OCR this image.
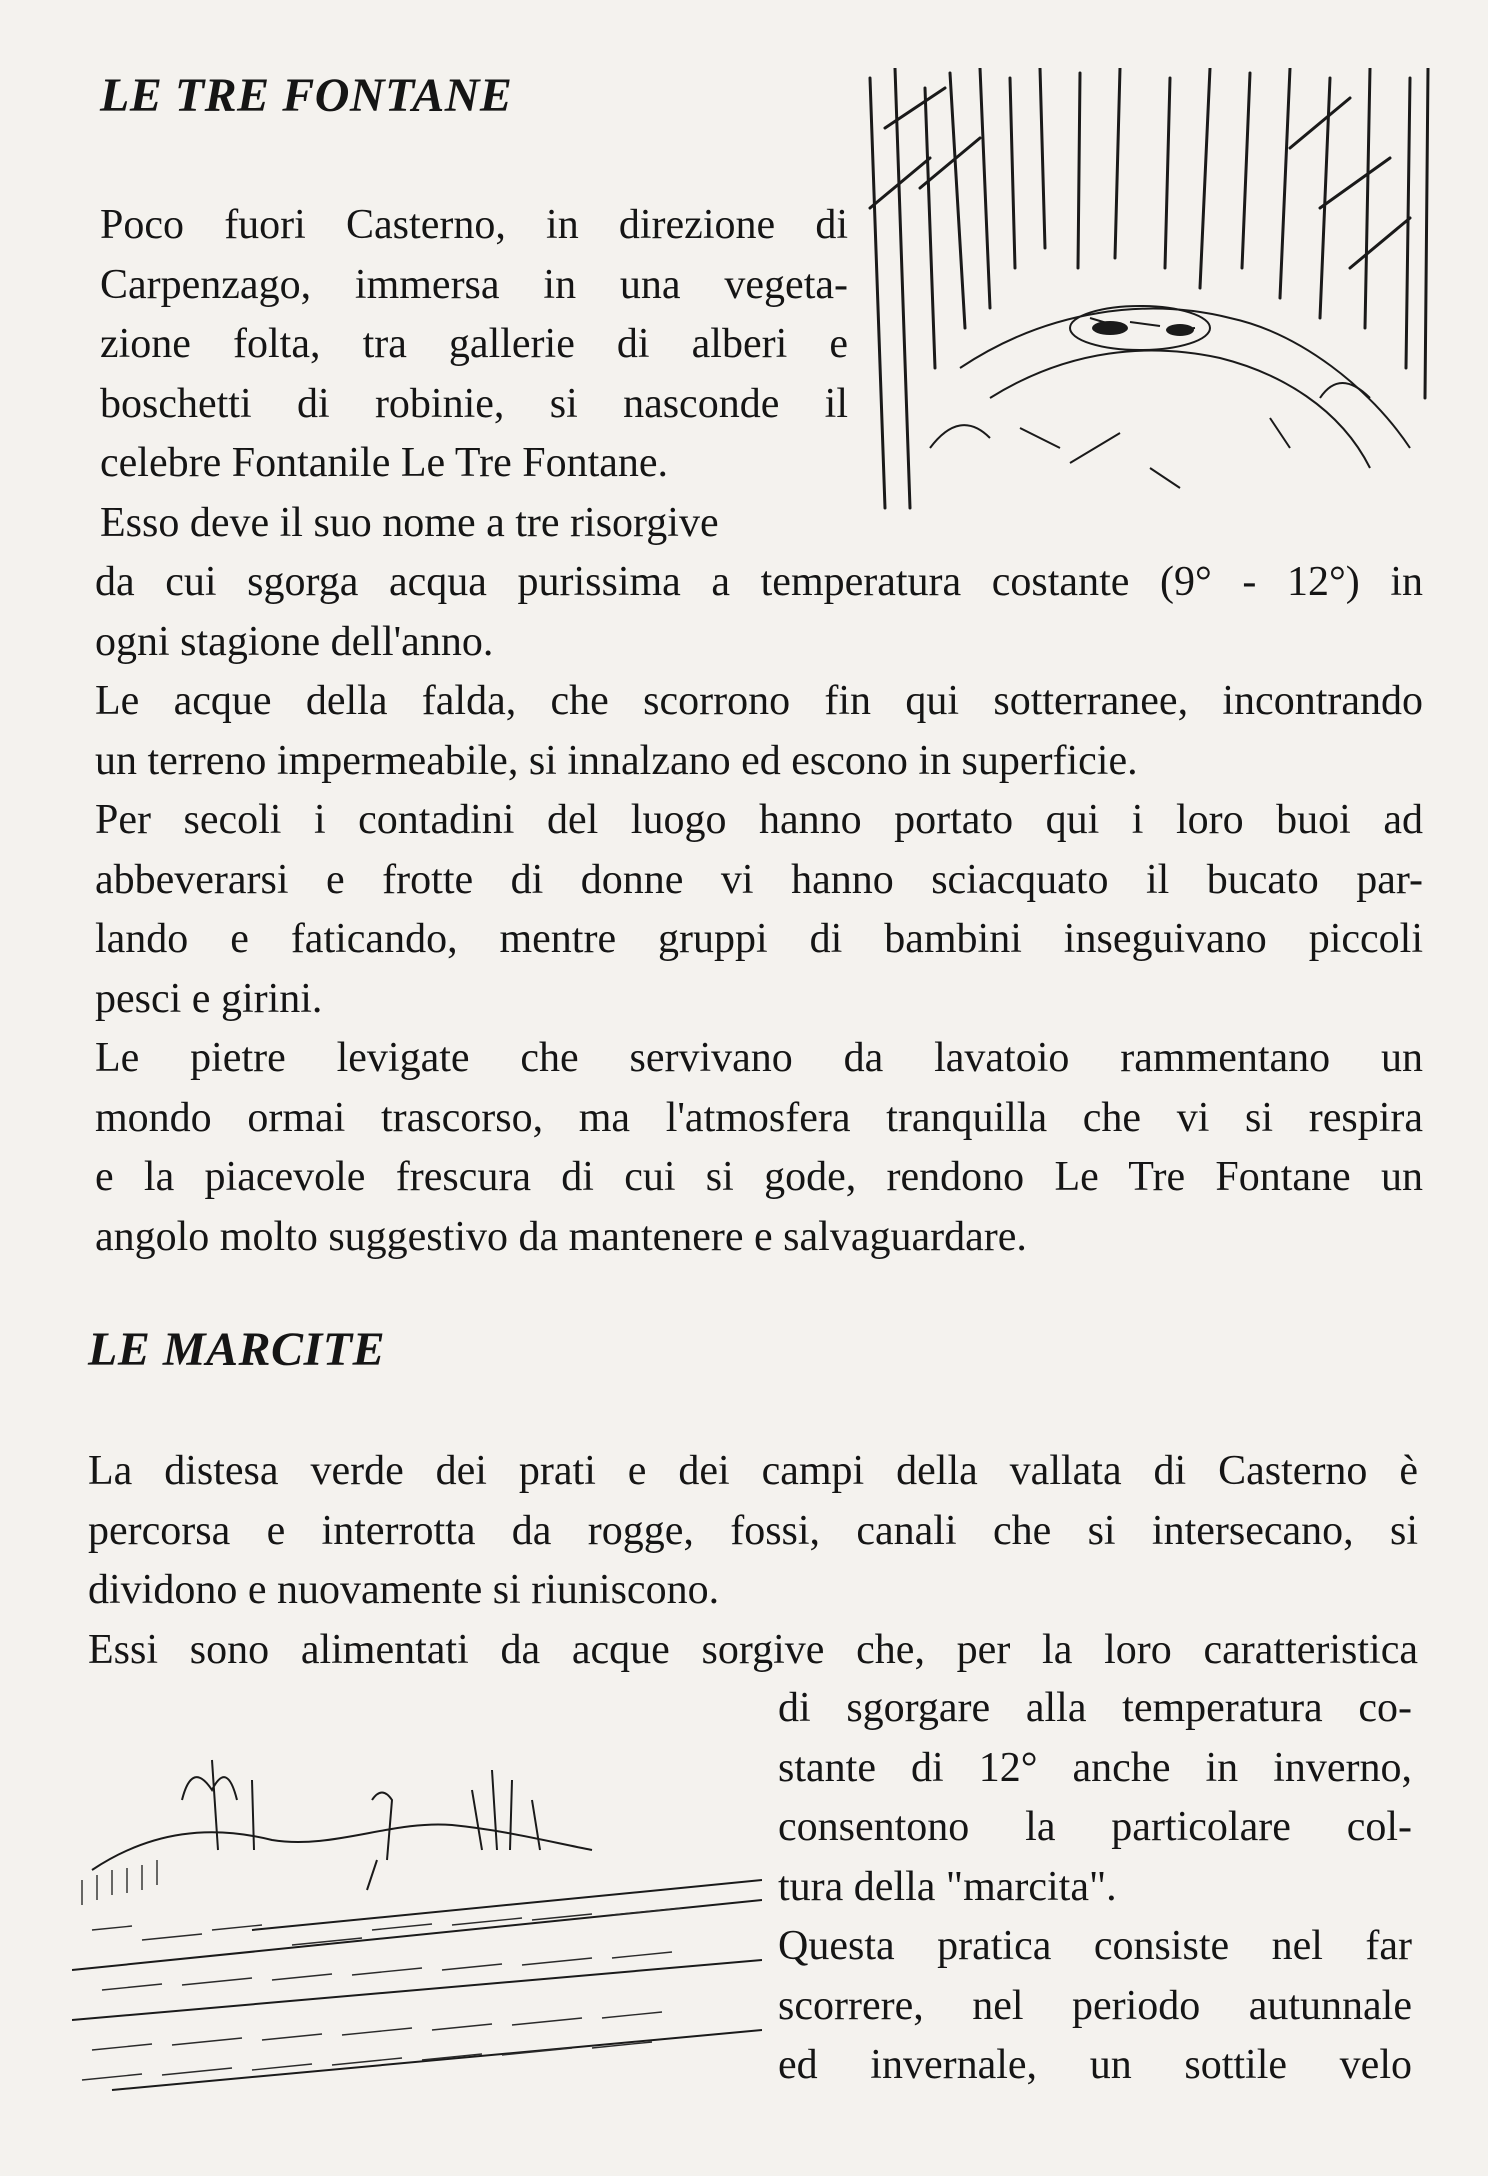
LE TRE FONTANE
Poco fuori Casterno, in direzione di
Carpenzago, immersa in una vegeta-
zione folta, tra gallerie di alberi e
boschetti di robinie, si nasconde il
celebre Fontanile Le Tre Fontane.
Esso deve il suo nome a tre risorgive
da cui sgorga acqua purissima a temperatura costante (9° - 12°) in
ogni stagione dell'anno.
Le acque della falda, che scorrono fin qui sotterranee, incontrando
un terreno impermeabile, si innalzano ed escono in superficie.
Per secoli i contadini del luogo hanno portato qui i loro buoi ad
abbeverarsi e frotte di donne vi hanno sciacquato il bucato par-
lando e faticando, mentre gruppi di bambini inseguivano piccoli
pesci e girini.
Le pietre levigate che servivano da lavatoio rammentano un
mondo ormai trascorso, ma l'atmosfera tranquilla che vi si respira
e la piacevole frescura di cui si gode, rendono Le Tre Fontane un
angolo molto suggestivo da mantenere e salvaguardare.
LE MARCITE
La distesa verde dei prati e dei campi della vallata di Casterno è
percorsa e interrotta da rogge, fossi, canali che si intersecano, si
dividono e nuovamente si riuniscono.
Essi sono alimentati da acque sorgive che, per la loro caratteristica
di sgorgare alla temperatura co-
stante di 12° anche in inverno,
consentono la particolare col-
tura della "marcita".
Questa pratica consiste nel far
scorrere, nel periodo autunnale
ed invernale, un sottile velo
